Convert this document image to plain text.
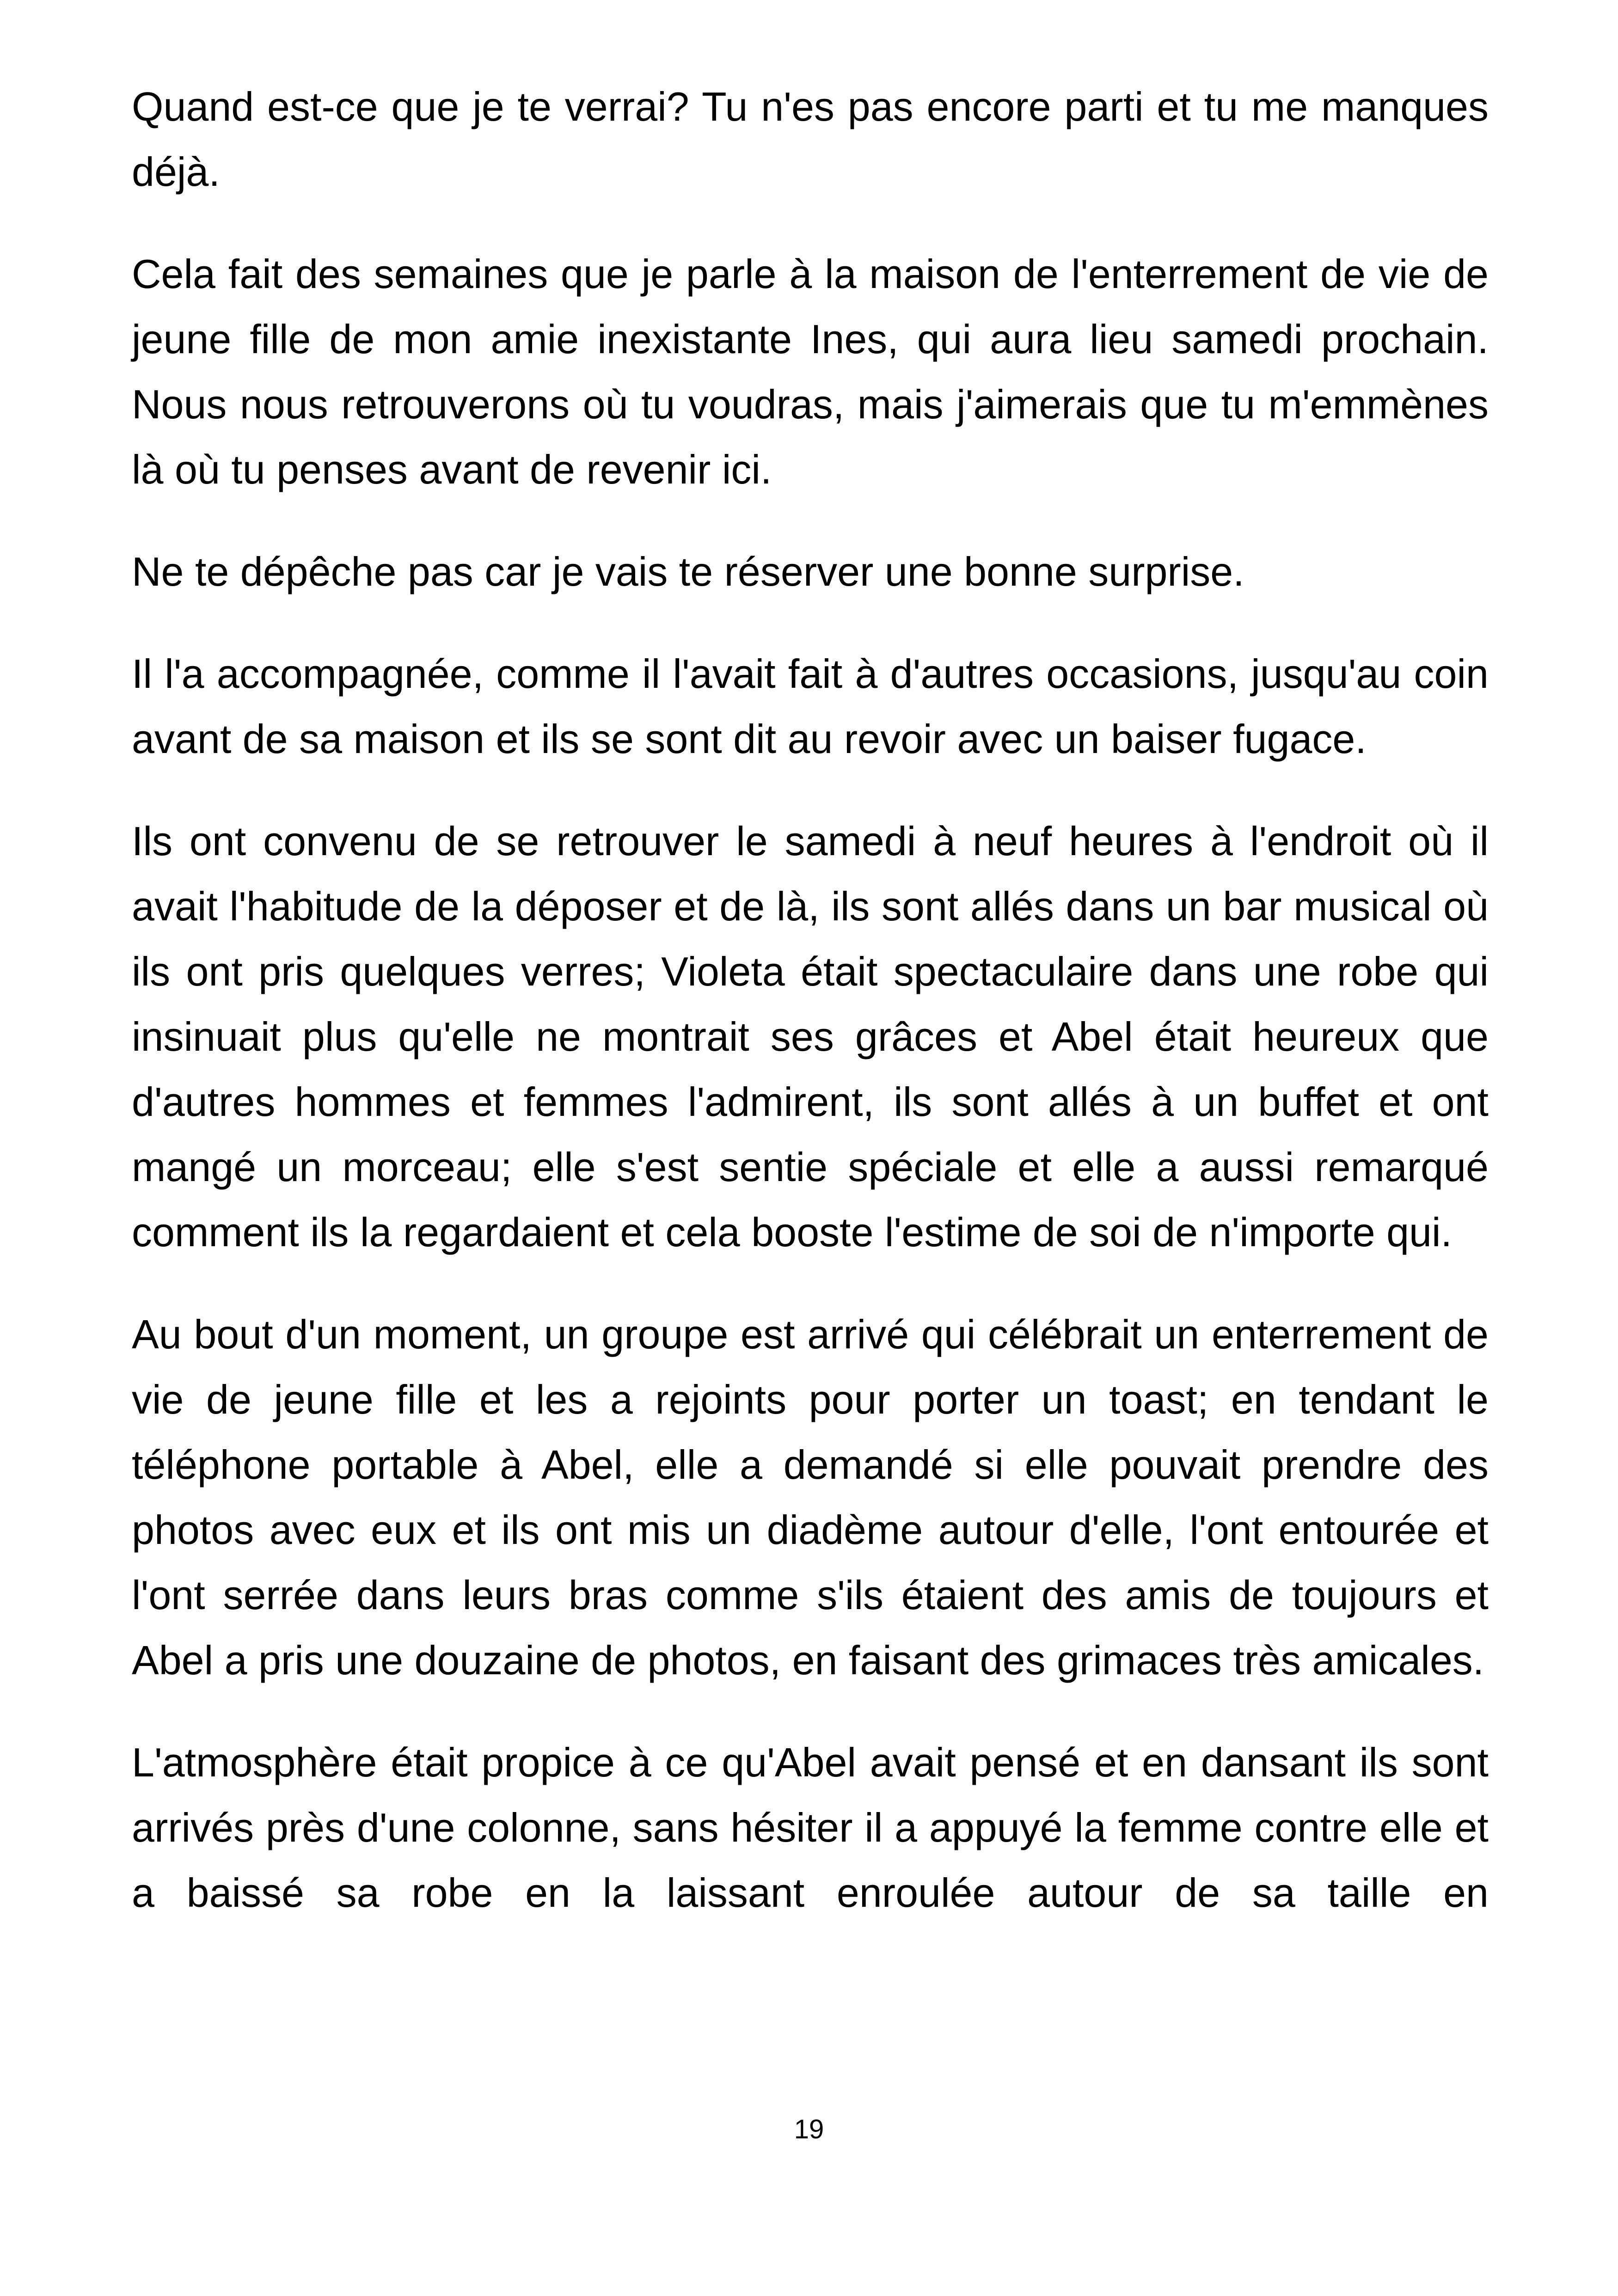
Quand est-ce que je te verrai? Tu n'es pas encore parti et tu me manques déjà.

Cela fait des semaines que je parle à la maison de l'enterrement de vie de jeune fille de mon amie inexistante Ines, qui aura lieu samedi prochain. Nous nous retrouverons où tu voudras, mais j'aimerais que tu m'emmènes là où tu penses avant de revenir ici.

Ne te dépêche pas car je vais te réserver une bonne surprise.

Il l'a accompagnée, comme il l'avait fait à d'autres occasions, jusqu'au coin avant de sa maison et ils se sont dit au revoir avec un baiser fugace.

Ils ont convenu de se retrouver le samedi à neuf heures à l'endroit où il avait l'habitude de la déposer et de là, ils sont allés dans un bar musical où ils ont pris quelques verres; Violeta était spectaculaire dans une robe qui insinuait plus qu'elle ne montrait ses grâces et Abel était heureux que d'autres hommes et femmes l'admirent, ils sont allés à un buffet et ont mangé un morceau; elle s'est sentie spéciale et elle a aussi remarqué comment ils la regardaient et cela booste l'estime de soi de n'importe qui.

Au bout d'un moment, un groupe est arrivé qui célébrait un enterrement de vie de jeune fille et les a rejoints pour porter un toast; en tendant le téléphone portable à Abel, elle a demandé si elle pouvait prendre des photos avec eux et ils ont mis un diadème autour d'elle, l'ont entourée et l'ont serrée dans leurs bras comme s'ils étaient des amis de toujours et Abel a pris une douzaine de photos, en faisant des grimaces très amicales.

L'atmosphère était propice à ce qu'Abel avait pensé et en dansant ils sont arrivés près d'une colonne, sans hésiter il a appuyé la femme contre elle et a baissé sa robe en la laissant enroulée autour de sa taille en

19
